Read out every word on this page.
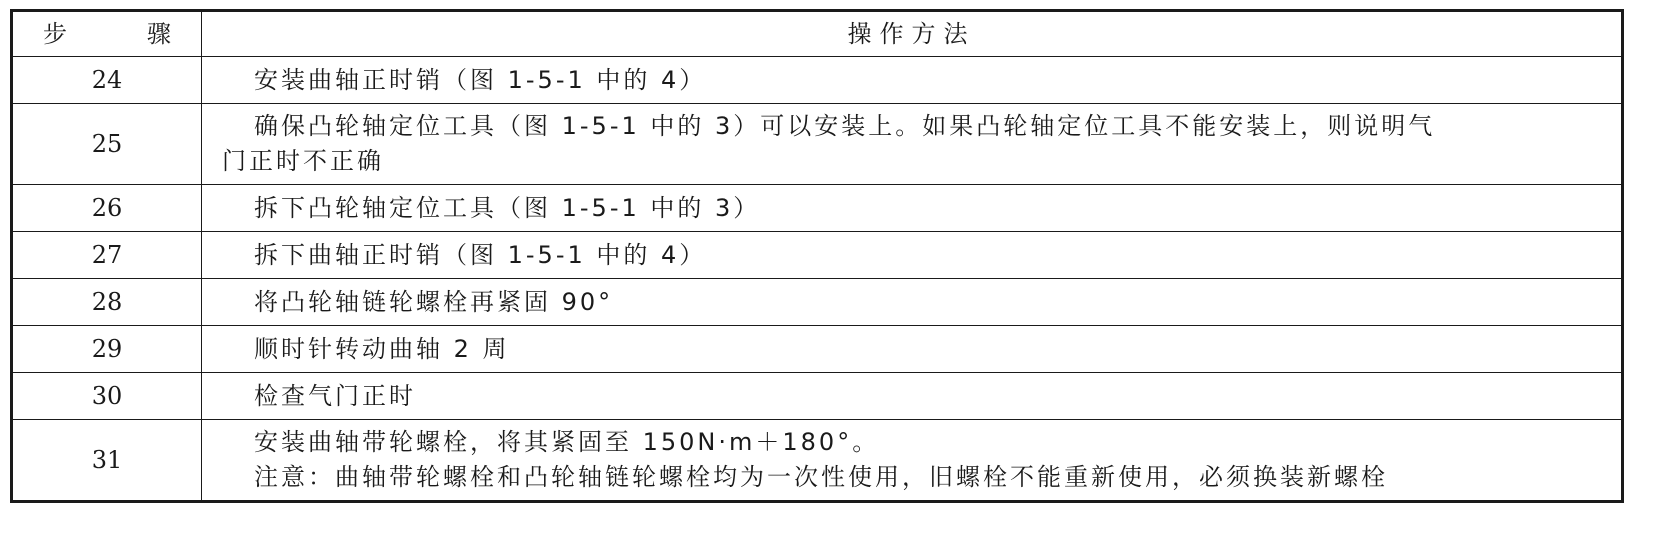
步 骤	操作方法
24	安装曲轴正时销（图 1-5-1 中的 4）

25	确保凸轮轴定位工具（图 1-5-1 中的 3）可以安装上。如果凸轮轴定位工具不能安装上，则说明气
门正时不正确

26	拆下凸轮轴定位工具（图 1-5-1 中的 3）

27	拆下曲轴正时销（图 1-5-1 中的 4）

28	将凸轮轴链轮螺栓再紧固 90°

29	顺时针转动曲轴 2 周

30	检查气门正时

31	安装曲轴带轮螺栓，将其紧固至 150N·m＋180°。
注意：曲轴带轮螺栓和凸轮轴链轮螺栓均为一次性使用，旧螺栓不能重新使用，必须换装新螺栓
